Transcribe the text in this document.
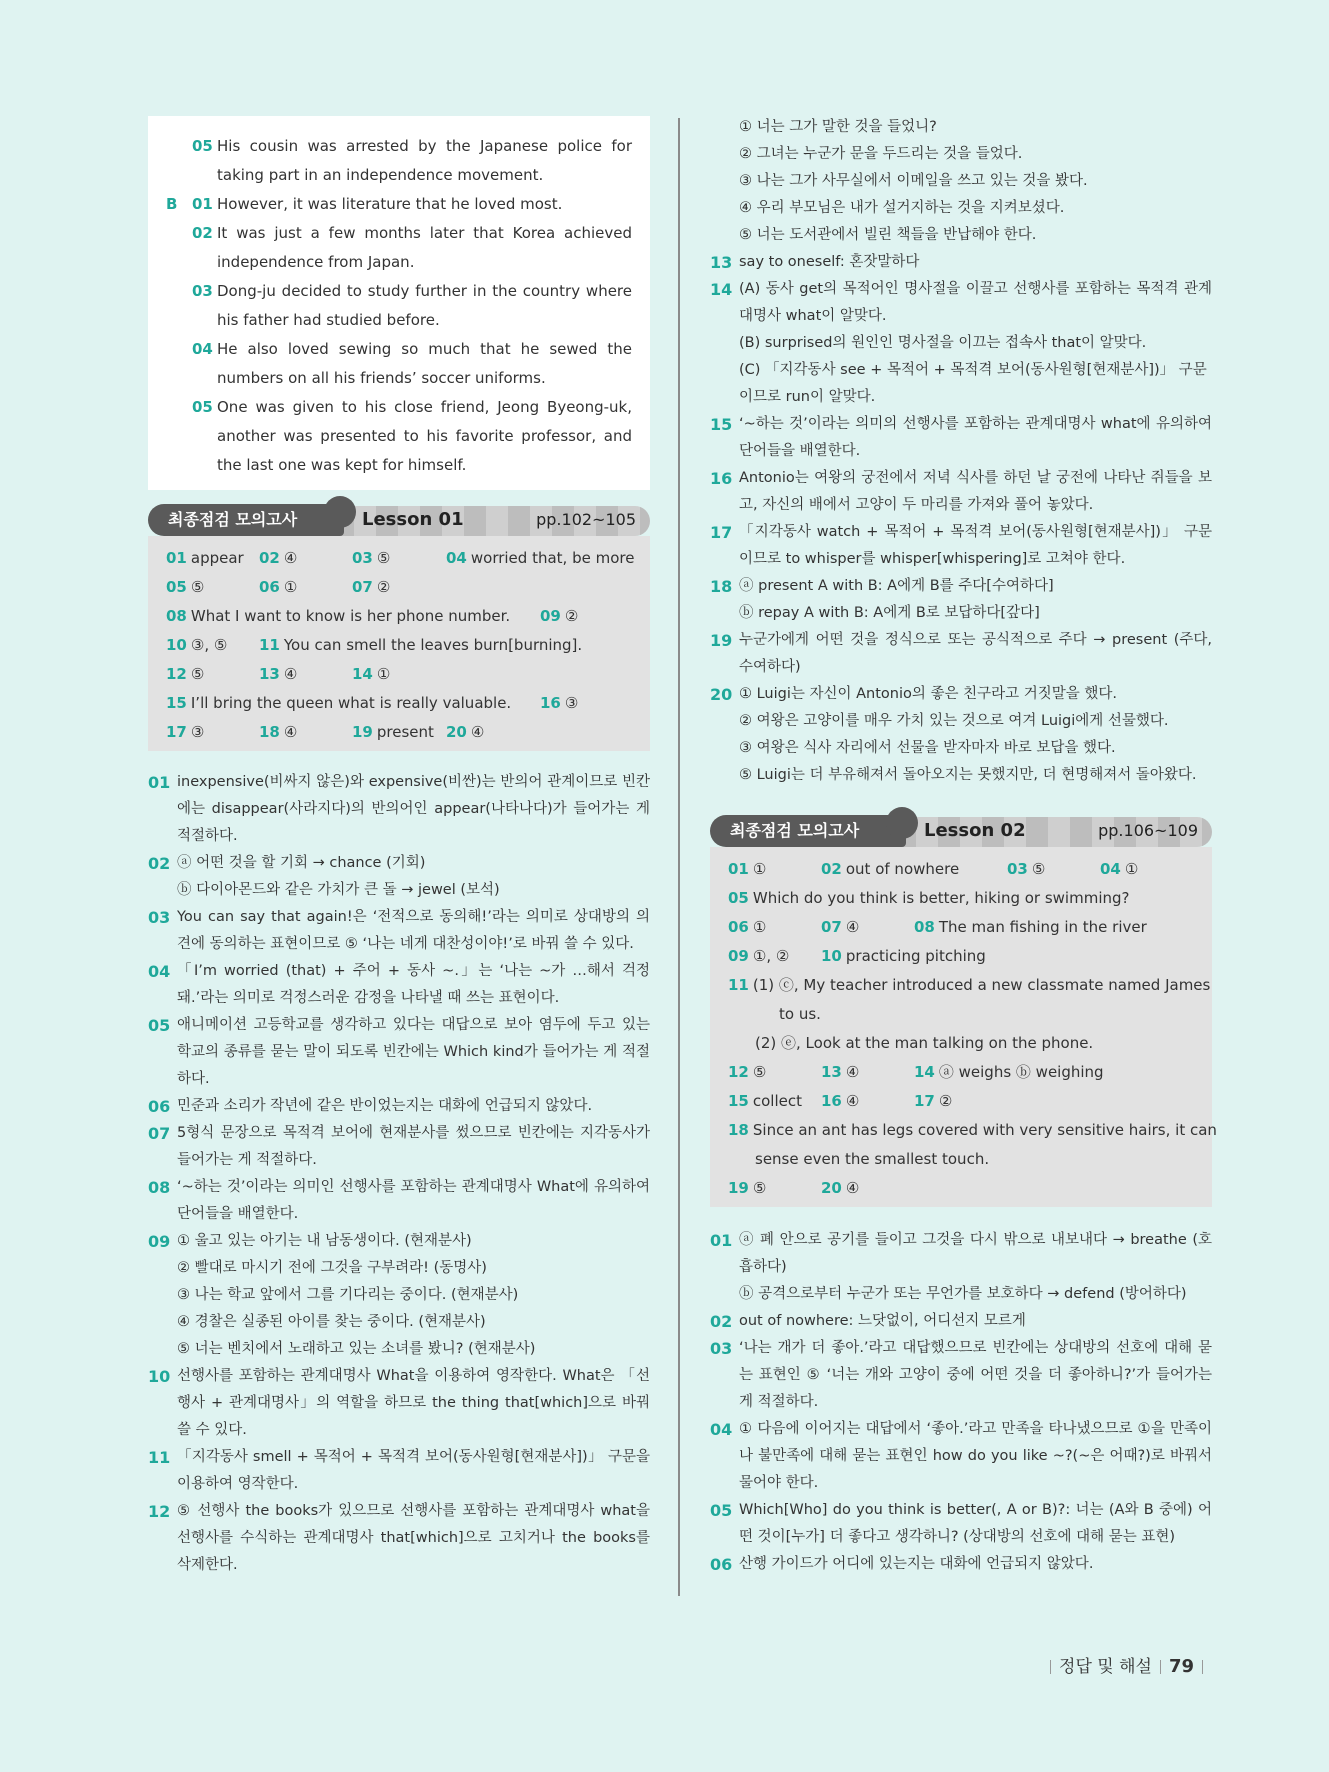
05 His cousin was arrested by the Japanese police for taking part in an independence movement.
B 01 However, it was literature that he loved most.
02 It was just a few months later that Korea achieved independence from Japan.
03 Dong-ju decided to study further in the country where his father had studied before.
04 He also loved sewing so much that he sewed the numbers on all his friends’ soccer uniforms.
05 One was given to his close friend, Jeong Byeong-uk, another was presented to his favorite professor, and the last one was kept for himself.
최종점검 모의고사	Lesson 01	pp.102~105
01 appear 02 ④	03 ⑤	04 worried that, be more
05 ⑤	06 ①	07 ②
08 What I want to know is her phone number. 09 ②
10 ③, ⑤ 11 You can smell the leaves burn[burning].
12 ⑤	13 ④	14 ①
15 I’ll bring the queen what is really valuable. 16 ③
17 ③	18 ④	19 present 20 ④
01 inexpensive(비싸지 않은)와 expensive(비싼)는 반의어 관계이므로 빈칸에는 disappear(사라지다)의 반의어인 appear(나타나다)가 들어가는 게 적절하다.
02 ⓐ 어떤 것을 할 기회 → chance (기회)
ⓑ 다이아몬드와 같은 가치가 큰 돌 → jewel (보석)
03 You can say that again!은 ‘전적으로 동의해!’라는 의미로 상대방의 의견에 동의하는 표현이므로 ⑤ ‘나는 네게 대찬성이야!’로 바꿔 쓸 수 있다.
04 「I’m worried (that) + 주어 + 동사 ~.」는 ‘나는 ~가 …해서 걱정돼.’라는 의미로 걱정스러운 감정을 나타낼 때 쓰는 표현이다.
05 애니메이션 고등학교를 생각하고 있다는 대답으로 보아 염두에 두고 있는 학교의 종류를 묻는 말이 되도록 빈칸에는 Which kind가 들어가는 게 적절하다.
06 민준과 소리가 작년에 같은 반이었는지는 대화에 언급되지 않았다.
07 5형식 문장으로 목적격 보어에 현재분사를 썼으므로 빈칸에는 지각동사가 들어가는 게 적절하다.
08 ‘~하는 것’이라는 의미인 선행사를 포함하는 관계대명사 What에 유의하여 단어들을 배열한다.
09 ① 울고 있는 아기는 내 남동생이다. (현재분사)
② 빨대로 마시기 전에 그것을 구부려라! (동명사)
③ 나는 학교 앞에서 그를 기다리는 중이다. (현재분사)
④ 경찰은 실종된 아이를 찾는 중이다. (현재분사)
⑤ 너는 벤치에서 노래하고 있는 소녀를 봤니? (현재분사)
10 선행사를 포함하는 관계대명사 What을 이용하여 영작한다. What은 「선행사 + 관계대명사」의 역할을 하므로 the thing that[which]으로 바꿔 쓸 수 있다.
11 「지각동사 smell + 목적어 + 목적격 보어(동사원형[현재분사])」 구문을 이용하여 영작한다.
12 ⑤ 선행사 the books가 있으므로 선행사를 포함하는 관계대명사 what을 선행사를 수식하는 관계대명사 that[which]으로 고치거나 the books를 삭제한다.
① 너는 그가 말한 것을 들었니?
② 그녀는 누군가 문을 두드리는 것을 들었다.
③ 나는 그가 사무실에서 이메일을 쓰고 있는 것을 봤다.
④ 우리 부모님은 내가 설거지하는 것을 지켜보셨다.
⑤ 너는 도서관에서 빌린 책들을 반납해야 한다.
13 say to oneself: 혼잣말하다
14 (A) 동사 get의 목적어인 명사절을 이끌고 선행사를 포함하는 목적격 관계대명사 what이 알맞다.
(B) surprised의 원인인 명사절을 이끄는 접속사 that이 알맞다.
(C) 「지각동사 see + 목적어 + 목적격 보어(동사원형[현재분사])」 구문이므로 run이 알맞다.
15 ‘~하는 것’이라는 의미의 선행사를 포함하는 관계대명사 what에 유의하여 단어들을 배열한다.
16 Antonio는 여왕의 궁전에서 저녁 식사를 하던 날 궁전에 나타난 쥐들을 보고, 자신의 배에서 고양이 두 마리를 가져와 풀어 놓았다.
17 「지각동사 watch + 목적어 + 목적격 보어(동사원형[현재분사])」 구문이므로 to whisper를 whisper[whispering]로 고쳐야 한다.
18 ⓐ present A with B: A에게 B를 주다[수여하다]
ⓑ repay A with B: A에게 B로 보답하다[갚다]
19 누군가에게 어떤 것을 정식으로 또는 공식적으로 주다 → present (주다, 수여하다)
20 ① Luigi는 자신이 Antonio의 좋은 친구라고 거짓말을 했다.
② 여왕은 고양이를 매우 가치 있는 것으로 여겨 Luigi에게 선물했다.
③ 여왕은 식사 자리에서 선물을 받자마자 바로 보답을 했다.
⑤ Luigi는 더 부유해져서 돌아오지는 못했지만, 더 현명해져서 돌아왔다.
최종점검 모의고사	Lesson 02	pp.106~109
01 ①	02 out of nowhere	03 ⑤	04 ①
05 Which do you think is better, hiking or swimming?
06 ①	07 ④	08 The man fishing in the river
09 ①, ② 10 practicing pitching
11 (1) ⓒ, My teacher introduced a new classmate named James
to us.
(2) ⓔ, Look at the man talking on the phone.
12 ⑤	13 ④	14 ⓐ weighs ⓑ weighing
15 collect 16 ④	17 ②
18 Since an ant has legs covered with very sensitive hairs, it can
sense even the smallest touch.
19 ⑤	20 ④
01 ⓐ 폐 안으로 공기를 들이고 그것을 다시 밖으로 내보내다 → breathe (호흡하다)
ⓑ 공격으로부터 누군가 또는 무언가를 보호하다 → defend (방어하다)
02 out of nowhere: 느닷없이, 어디선지 모르게
03 ‘나는 개가 더 좋아.’라고 대답했으므로 빈칸에는 상대방의 선호에 대해 묻는 표현인 ⑤ ‘너는 개와 고양이 중에 어떤 것을 더 좋아하니?’가 들어가는 게 적절하다.
04 ① 다음에 이어지는 대답에서 ‘좋아.’라고 만족을 타나냈으므로 ①을 만족이나 불만족에 대해 묻는 표현인 how do you like ~?(~은 어때?)로 바꿔서 물어야 한다.
05 Which[Who] do you think is better(, A or B)?: 너는 (A와 B 중에) 어떤 것이[누가] 더 좋다고 생각하니? (상대방의 선호에 대해 묻는 표현)
06 산행 가이드가 어디에 있는지는 대화에 언급되지 않았다.
정답 및 해설 79
